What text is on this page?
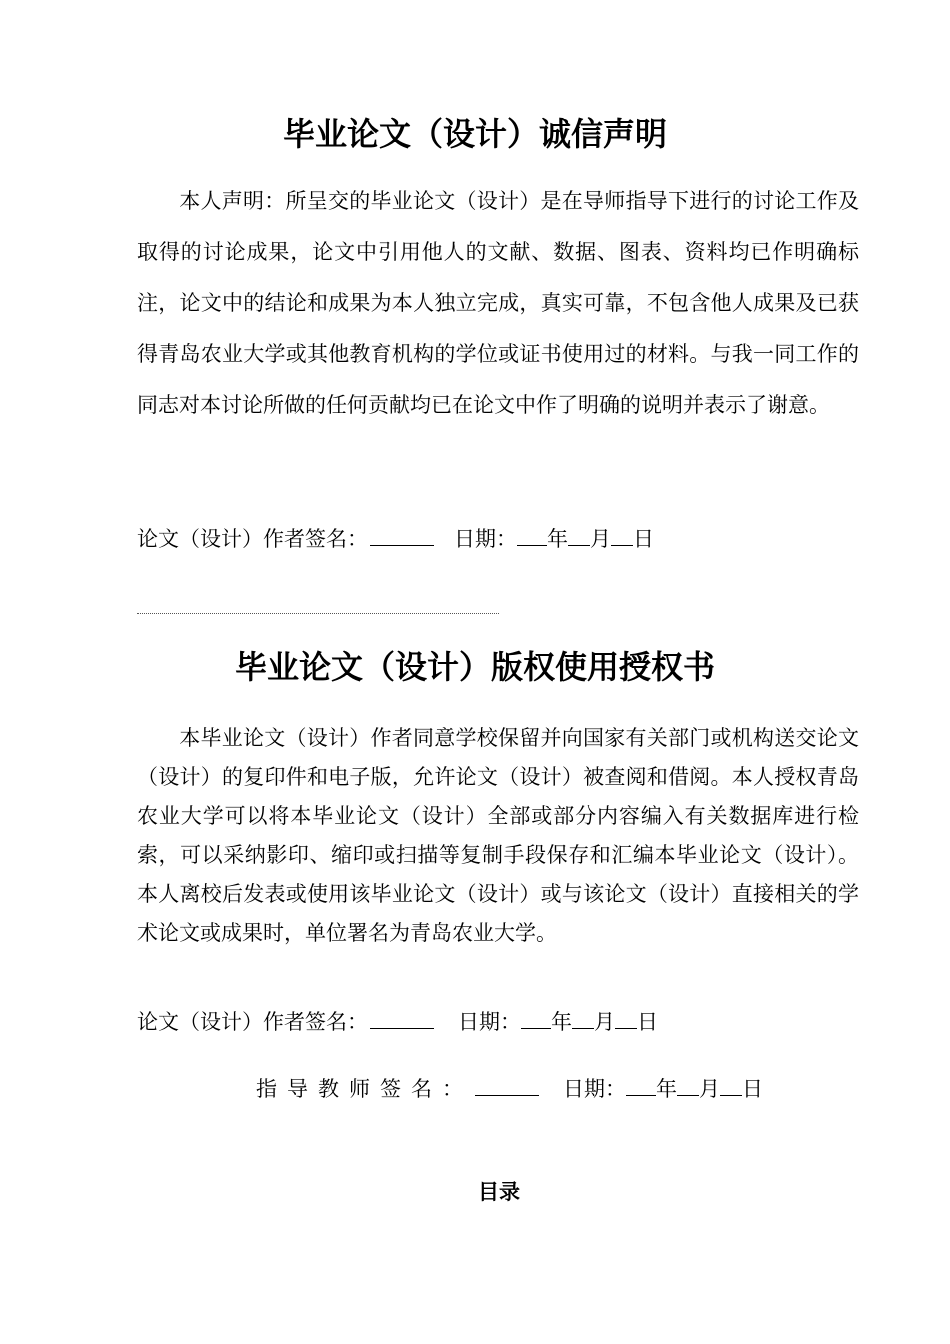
毕业论文（设计）诚信声明
本人声明：所呈交的毕业论文（设计）是在导师指导下进行的讨论工作及取得的讨论成果，论文中引用他人的文献、数据、图表、资料均已作明确标注，论文中的结论和成果为本人独立完成，真实可靠，不包含他人成果及已获得青岛农业大学或其他教育机构的学位或证书使用过的材料。与我一同工作的同志对本讨论所做的任何贡献均已在论文中作了明确的说明并表示了谢意。
论文（设计）作者签名：	日期： 年 月 日
毕业论文（设计）版权使用授权书
本毕业论文（设计）作者同意学校保留并向国家有关部门或机构送交论文（设计）的复印件和电子版，允许论文（设计）被查阅和借阅。本人授权青岛农业大学可以将本毕业论文（设计）全部或部分内容编入有关数据库进行检索，可以采纳影印、缩印或扫描等复制手段保存和汇编本毕业论文（设计）。本人离校后发表或使用该毕业论文（设计）或与该论文（设计）直接相关的学术论文或成果时，单位署名为青岛农业大学。
论文（设计）作者签名：	日期： 年 月 日
指导教师签名：	日期： 年 月 日
目录
